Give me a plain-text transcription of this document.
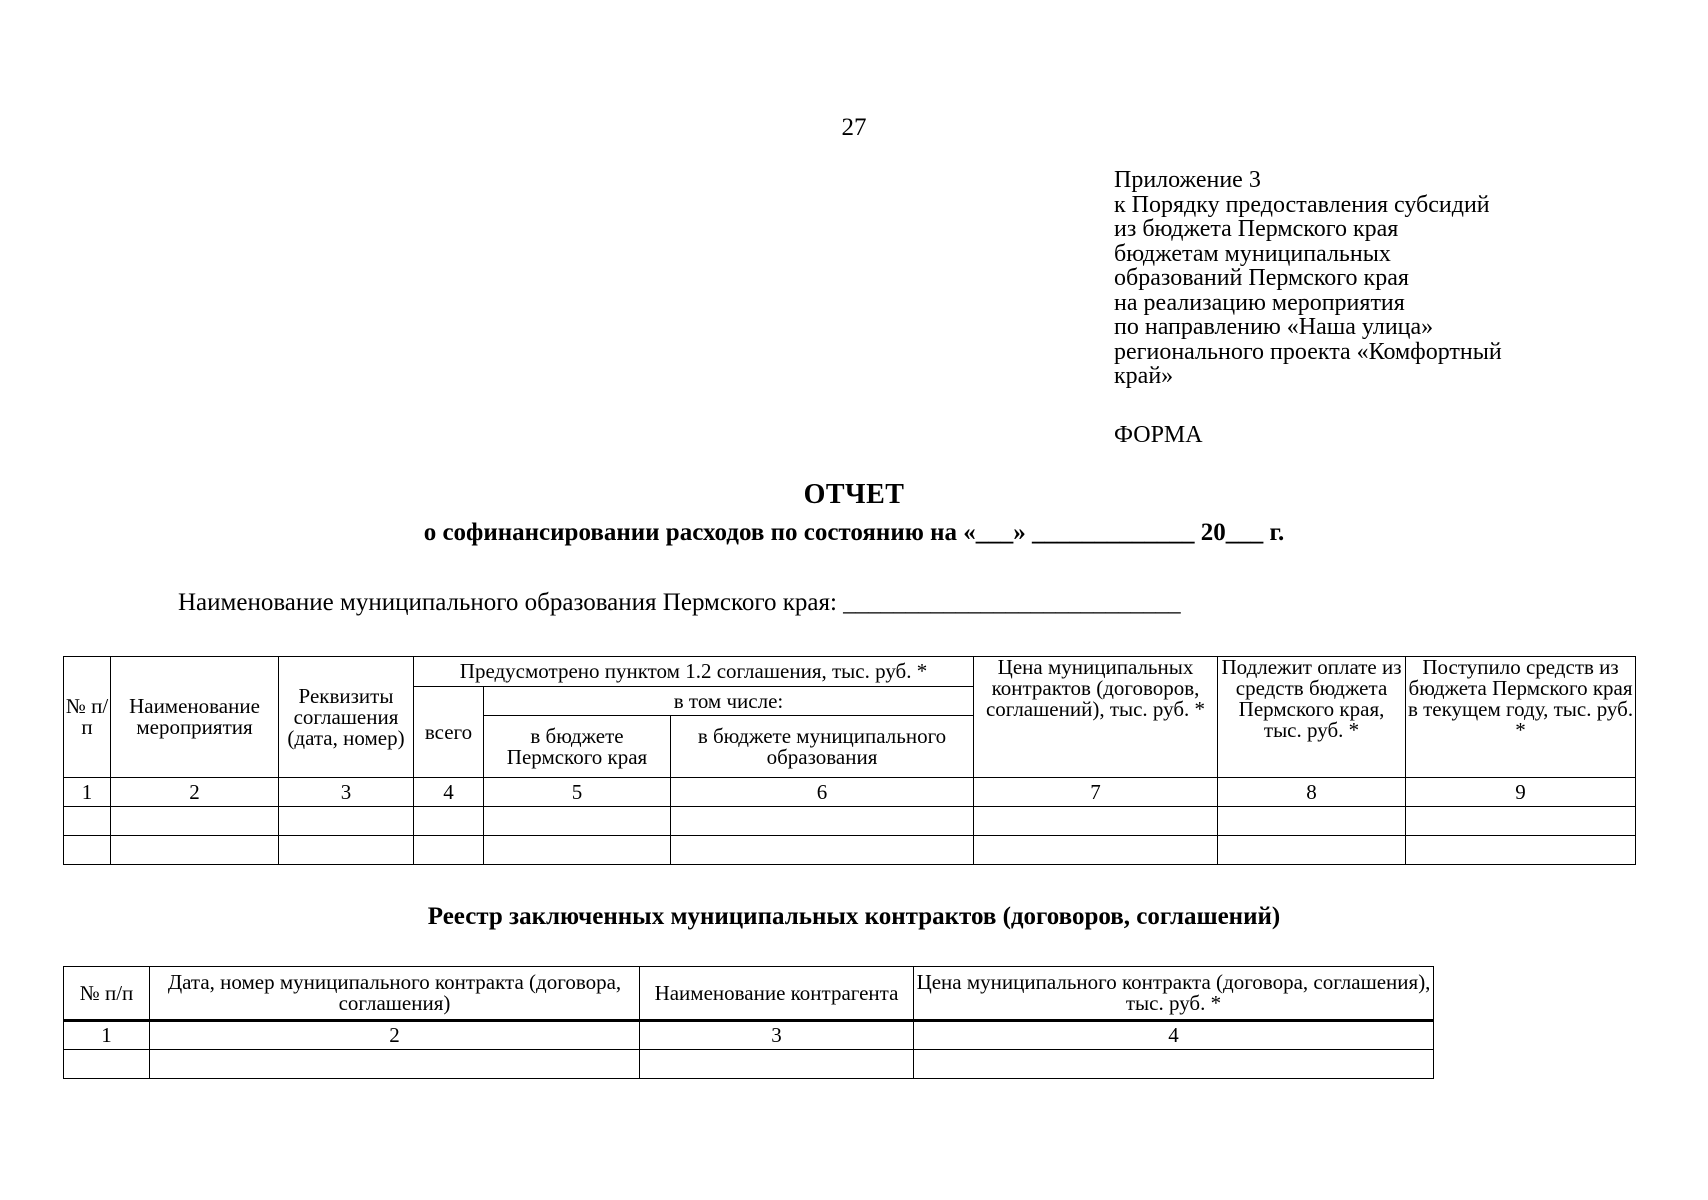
27
Приложение 3
к Порядку предоставления субсидий
из бюджета Пермского края
бюджетам муниципальных
образований Пермского края
на реализацию мероприятия
по направлению «Наша улица»
регионального проекта «Комфортный
край»
ФОРМА
ОТЧЕТ
о софинансировании расходов по состоянию на «___» _____________ 20___ г.
Наименование муниципального образования Пермского края: ___________________________
№ п/п	Наименование мероприятия	Реквизиты соглашения (дата, номер)	Предусмотрено пунктом 1.2 соглашения, тыс. руб. *			Цена муниципальных контрактов (договоров, соглашений), тыс. руб. *	Подлежит оплате из средств бюджета Пермского края, тыс. руб. *	Поступило средств из бюджета Пермского края в текущем году, тыс. руб. *
			всего	в том числе:				
				в бюджете Пермского края	в бюджете муниципального образования			
1	2	3	4	5	6	7	8	9

Реестр заключенных муниципальных контрактов (договоров, соглашений)
№ п/п	Дата, номер муниципального контракта (договора, соглашения)	Наименование контрагента	Цена муниципального контракта (договора, соглашения), тыс. руб. *
1	2	3	4
